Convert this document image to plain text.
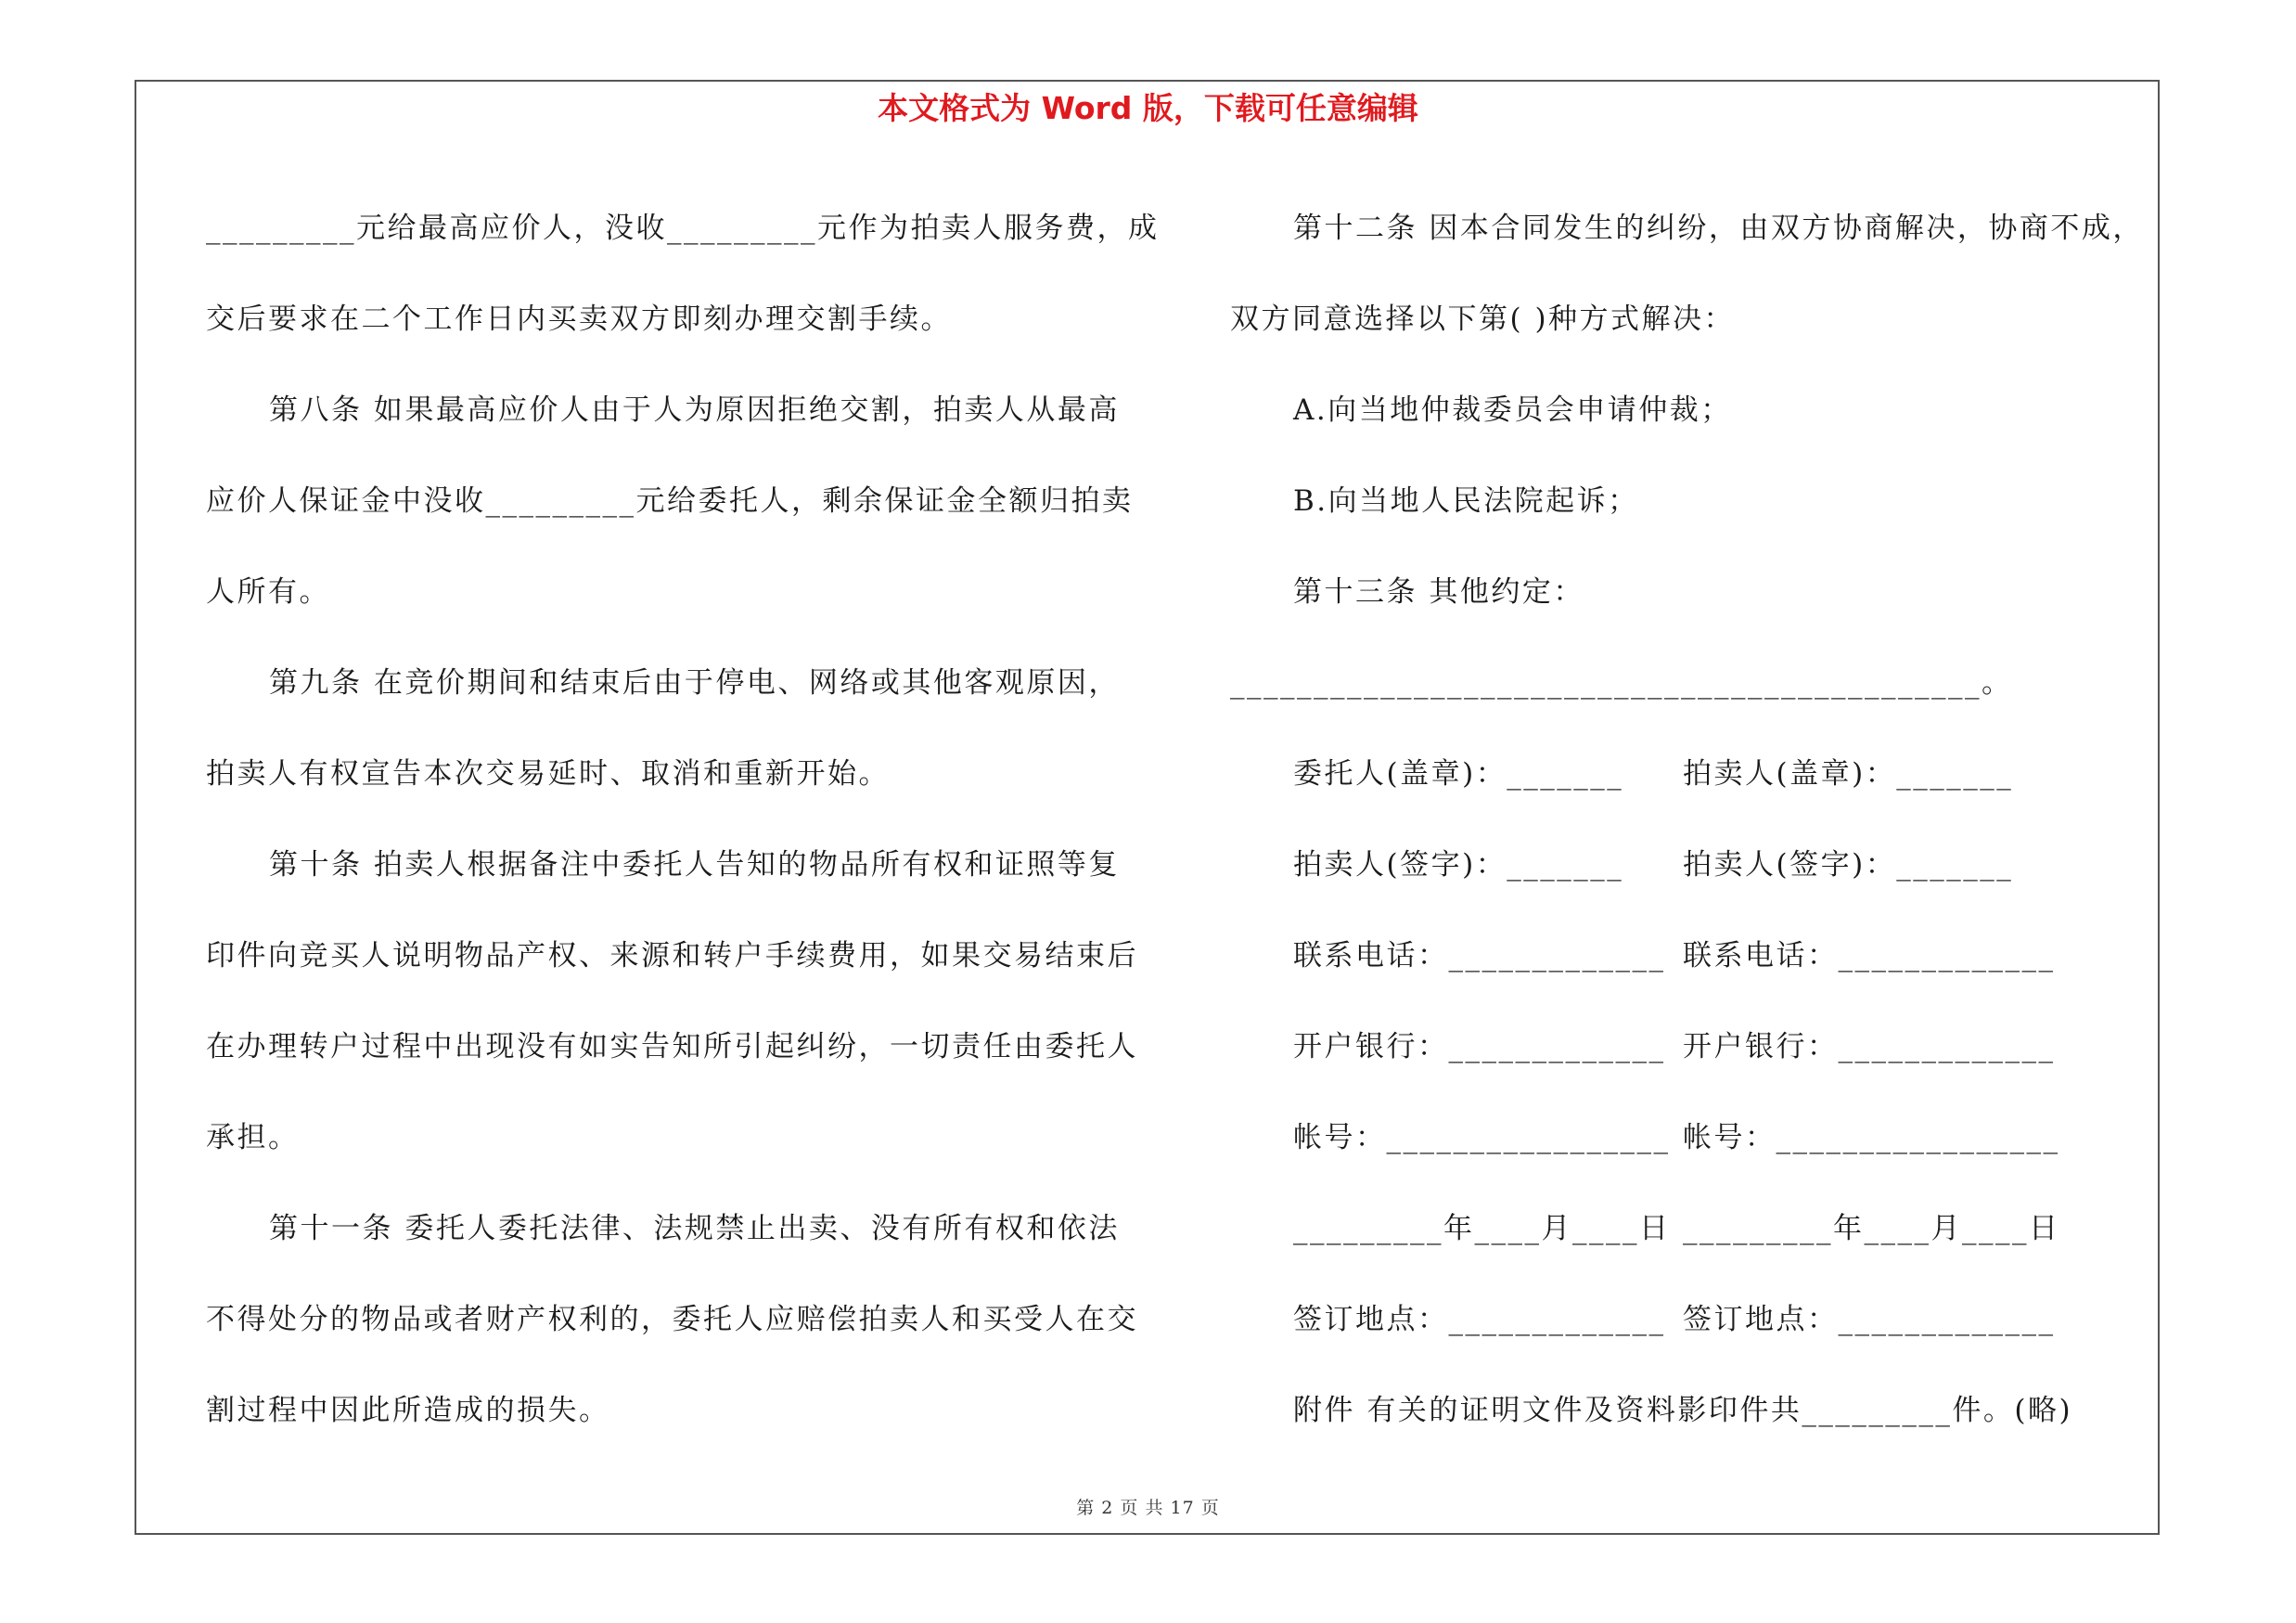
本文格式为 Word 版，下载可任意编辑
_________元给最高应价人，没收_________元作为拍卖人服务费，成
交后要求在二个工作日内买卖双方即刻办理交割手续。
第八条 如果最高应价人由于人为原因拒绝交割，拍卖人从最高
应价人保证金中没收_________元给委托人，剩余保证金全额归拍卖
人所有。
第九条 在竞价期间和结束后由于停电、网络或其他客观原因，
拍卖人有权宣告本次交易延时、取消和重新开始。
第十条 拍卖人根据备注中委托人告知的物品所有权和证照等复
印件向竞买人说明物品产权、来源和转户手续费用，如果交易结束后
在办理转户过程中出现没有如实告知所引起纠纷，一切责任由委托人
承担。
第十一条 委托人委托法律、法规禁止出卖、没有所有权和依法
不得处分的物品或者财产权利的，委托人应赔偿拍卖人和买受人在交
割过程中因此所造成的损失。
第十二条 因本合同发生的纠纷，由双方协商解决，协商不成，
双方同意选择以下第( )种方式解决：
A.向当地仲裁委员会申请仲裁；
B.向当地人民法院起诉；
第十三条 其他约定：
_____________________________________________。
委托人(盖章)：_______ 拍卖人(盖章)：_______
拍卖人(签字)：_______ 拍卖人(签字)：_______
联系电话：_____________ 联系电话：_____________
开户银行：_____________ 开户银行：_____________
帐号：_________________ 帐号：_________________
_________年____月____日 _________年____月____日
签订地点：_____________ 签订地点：_____________
附件 有关的证明文件及资料影印件共_________件。(略)
第 2 页 共 17 页
